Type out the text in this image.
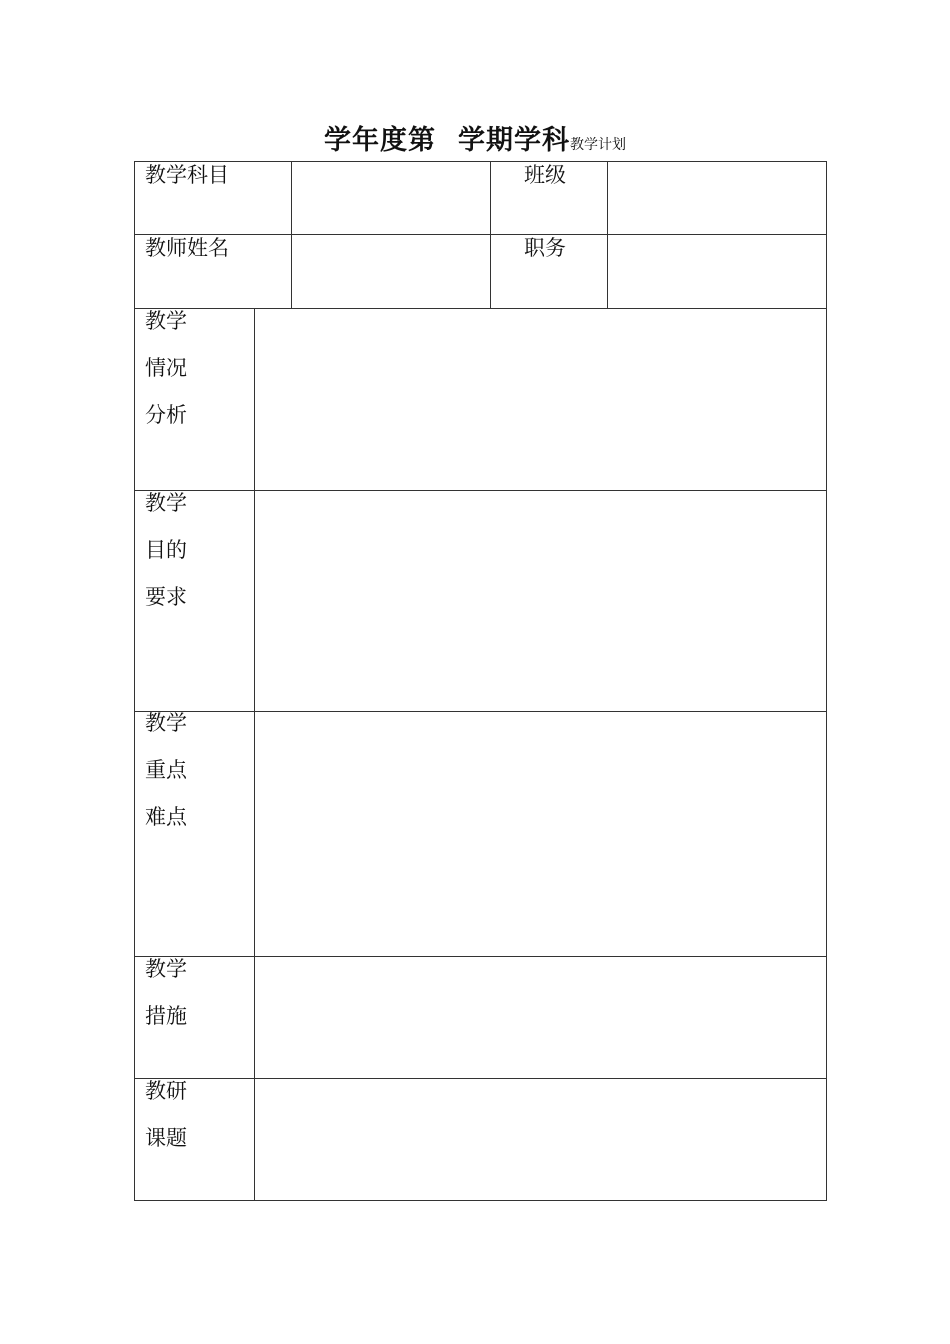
学年度第 学期学科教学计划
教学科目	班级
教师姓名	职务
教学
情况
分析
教学
目的
要求
教学
重点
难点
教学
措施
教研
课题
